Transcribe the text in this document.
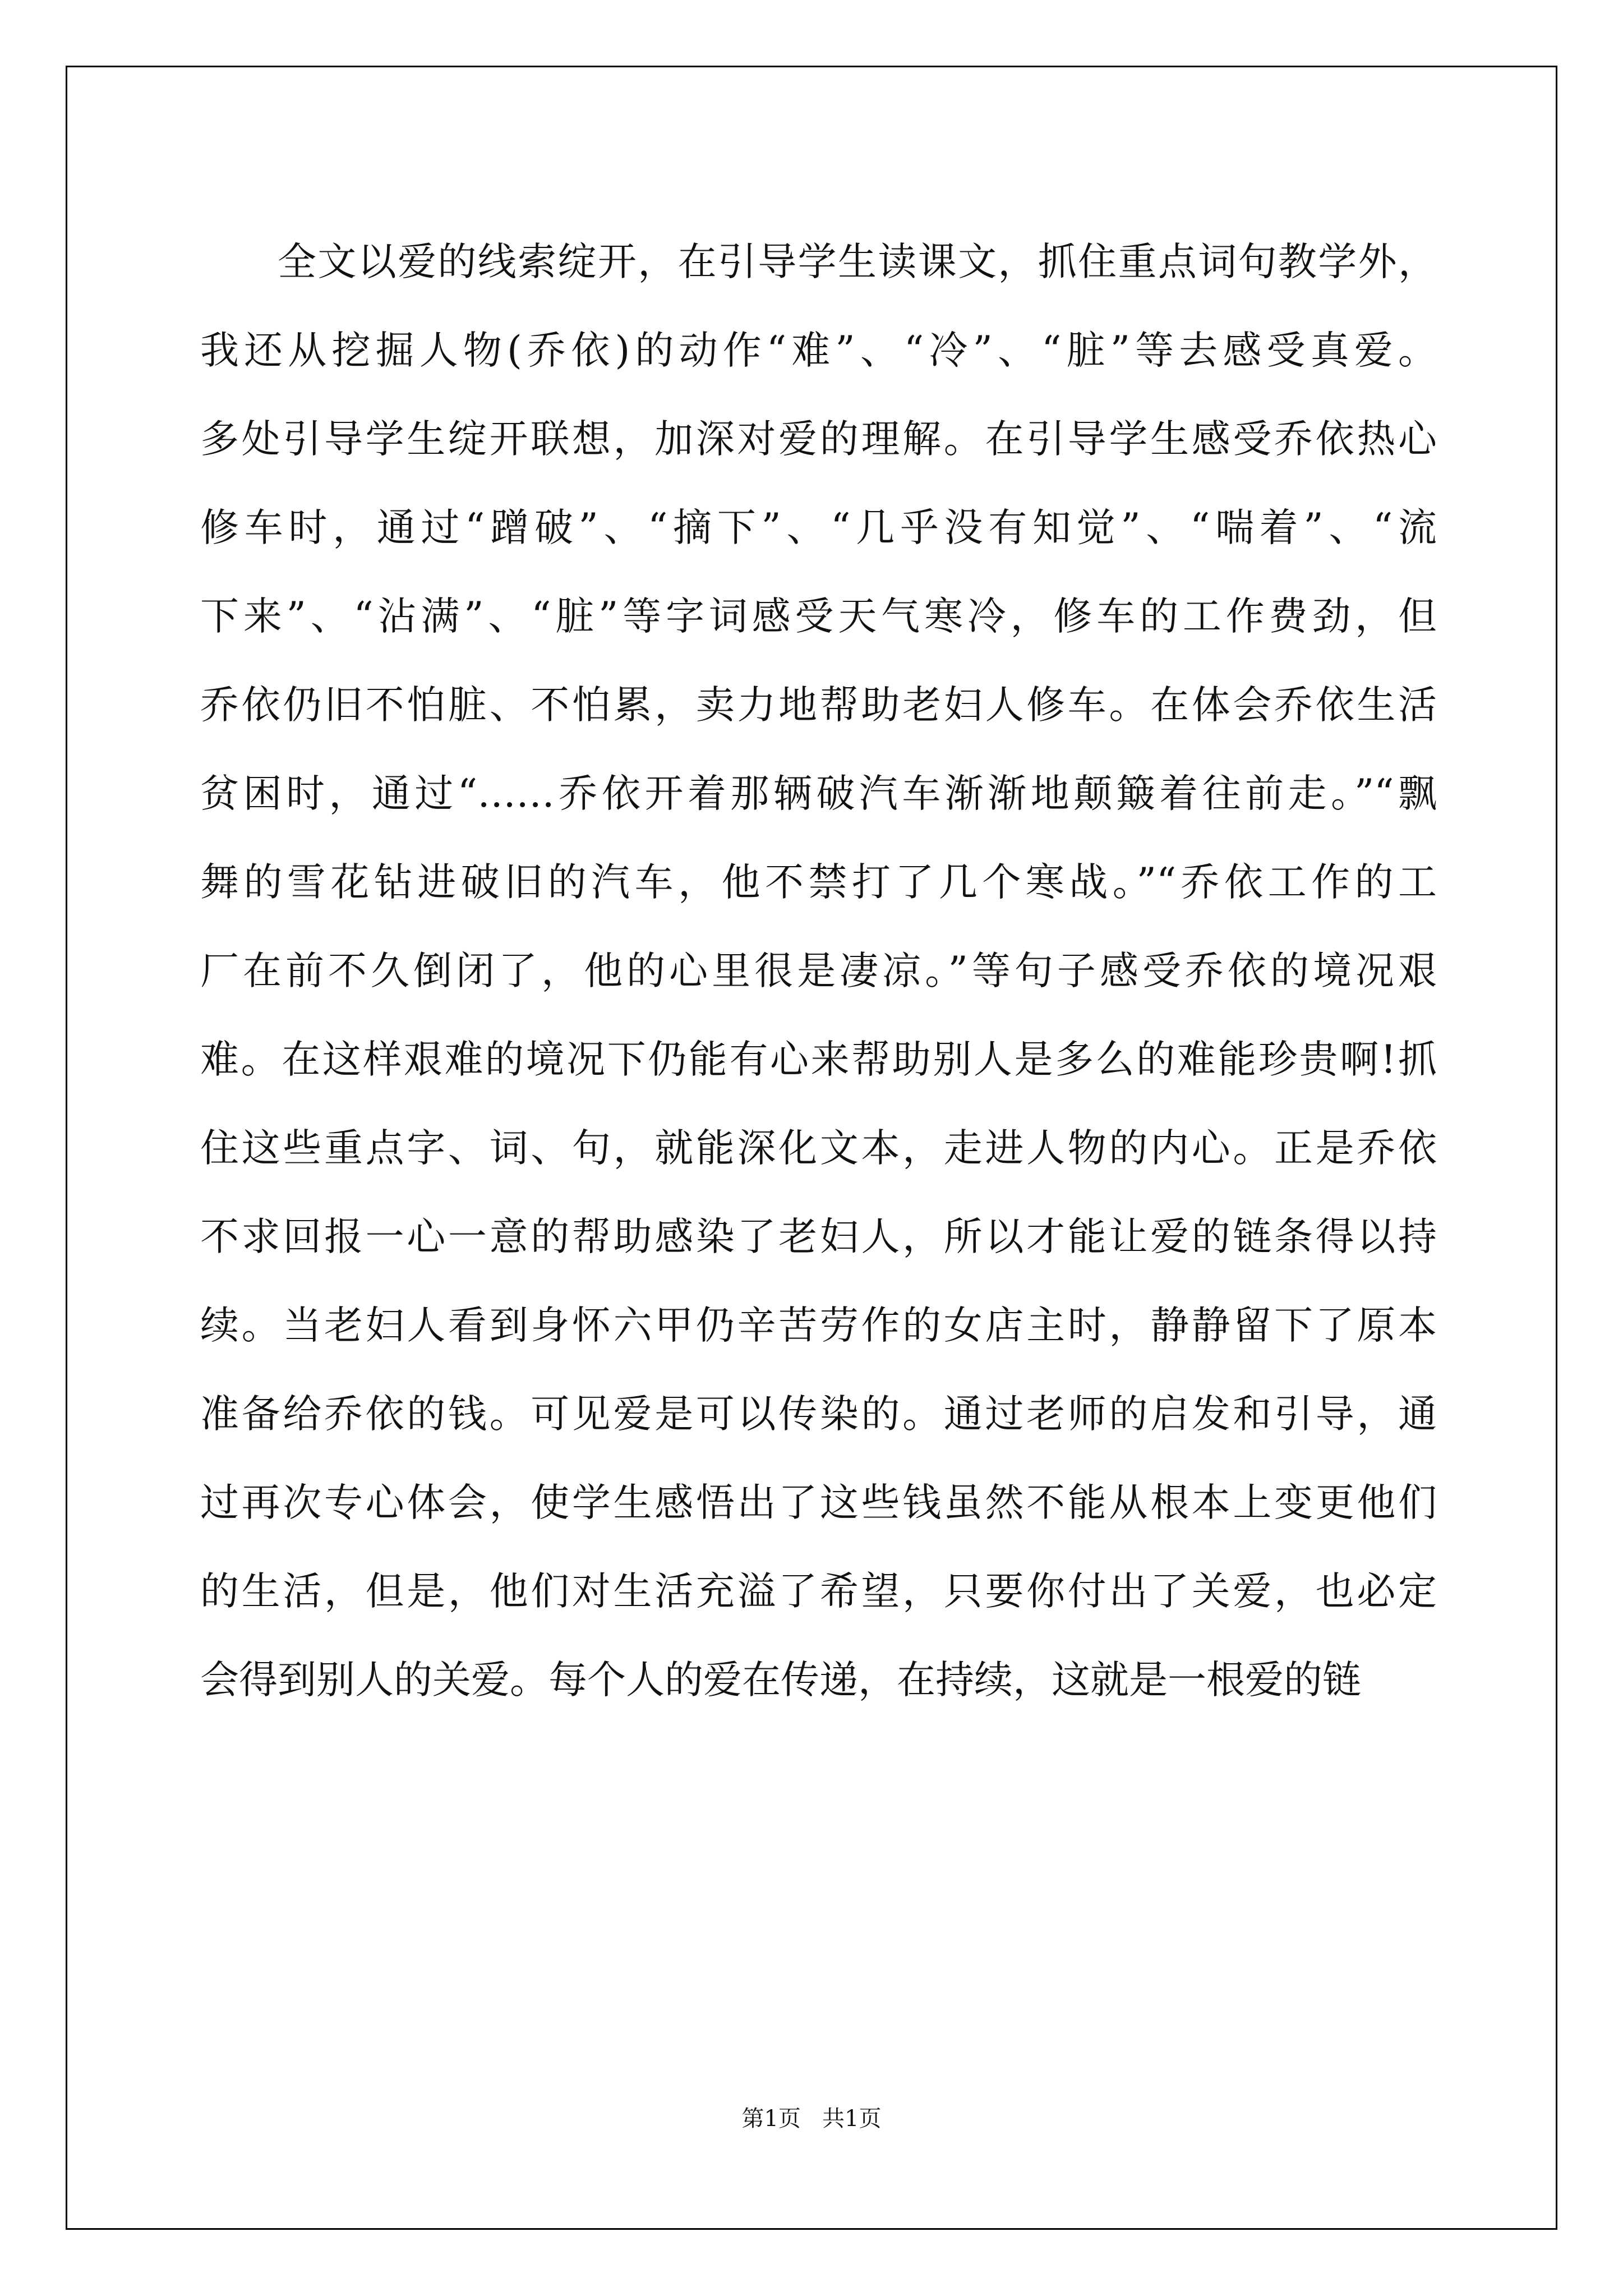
全文以爱的线索绽开，在引导学生读课文，抓住重点词句教学外，
我还从挖掘人物(乔依)的动作“难”、“冷”、“脏”等去感受真爱。
多处引导学生绽开联想，加深对爱的理解。在引导学生感受乔依热心
修车时，通过“蹭破”、“摘下”、“几乎没有知觉”、“喘着”、“流
下来”、“沾满”、“脏”等字词感受天气寒冷，修车的工作费劲，但
乔依仍旧不怕脏、不怕累，卖力地帮助老妇人修车。在体会乔依生活
贫困时，通过“……乔依开着那辆破汽车渐渐地颠簸着往前走。”“飘
舞的雪花钻进破旧的汽车，他不禁打了几个寒战。”“乔依工作的工
厂在前不久倒闭了，他的心里很是凄凉。”等句子感受乔依的境况艰
难。在这样艰难的境况下仍能有心来帮助别人是多么的难能珍贵啊!抓
住这些重点字、词、句，就能深化文本，走进人物的内心。正是乔依
不求回报一心一意的帮助感染了老妇人，所以才能让爱的链条得以持
续。当老妇人看到身怀六甲仍辛苦劳作的女店主时，静静留下了原本
准备给乔依的钱。可见爱是可以传染的。通过老师的启发和引导，通
过再次专心体会，使学生感悟出了这些钱虽然不能从根本上变更他们
的生活，但是，他们对生活充溢了希望，只要你付出了关爱，也必定
会得到别人的关爱。每个人的爱在传递，在持续，这就是一根爱的链
第1页   共1页
